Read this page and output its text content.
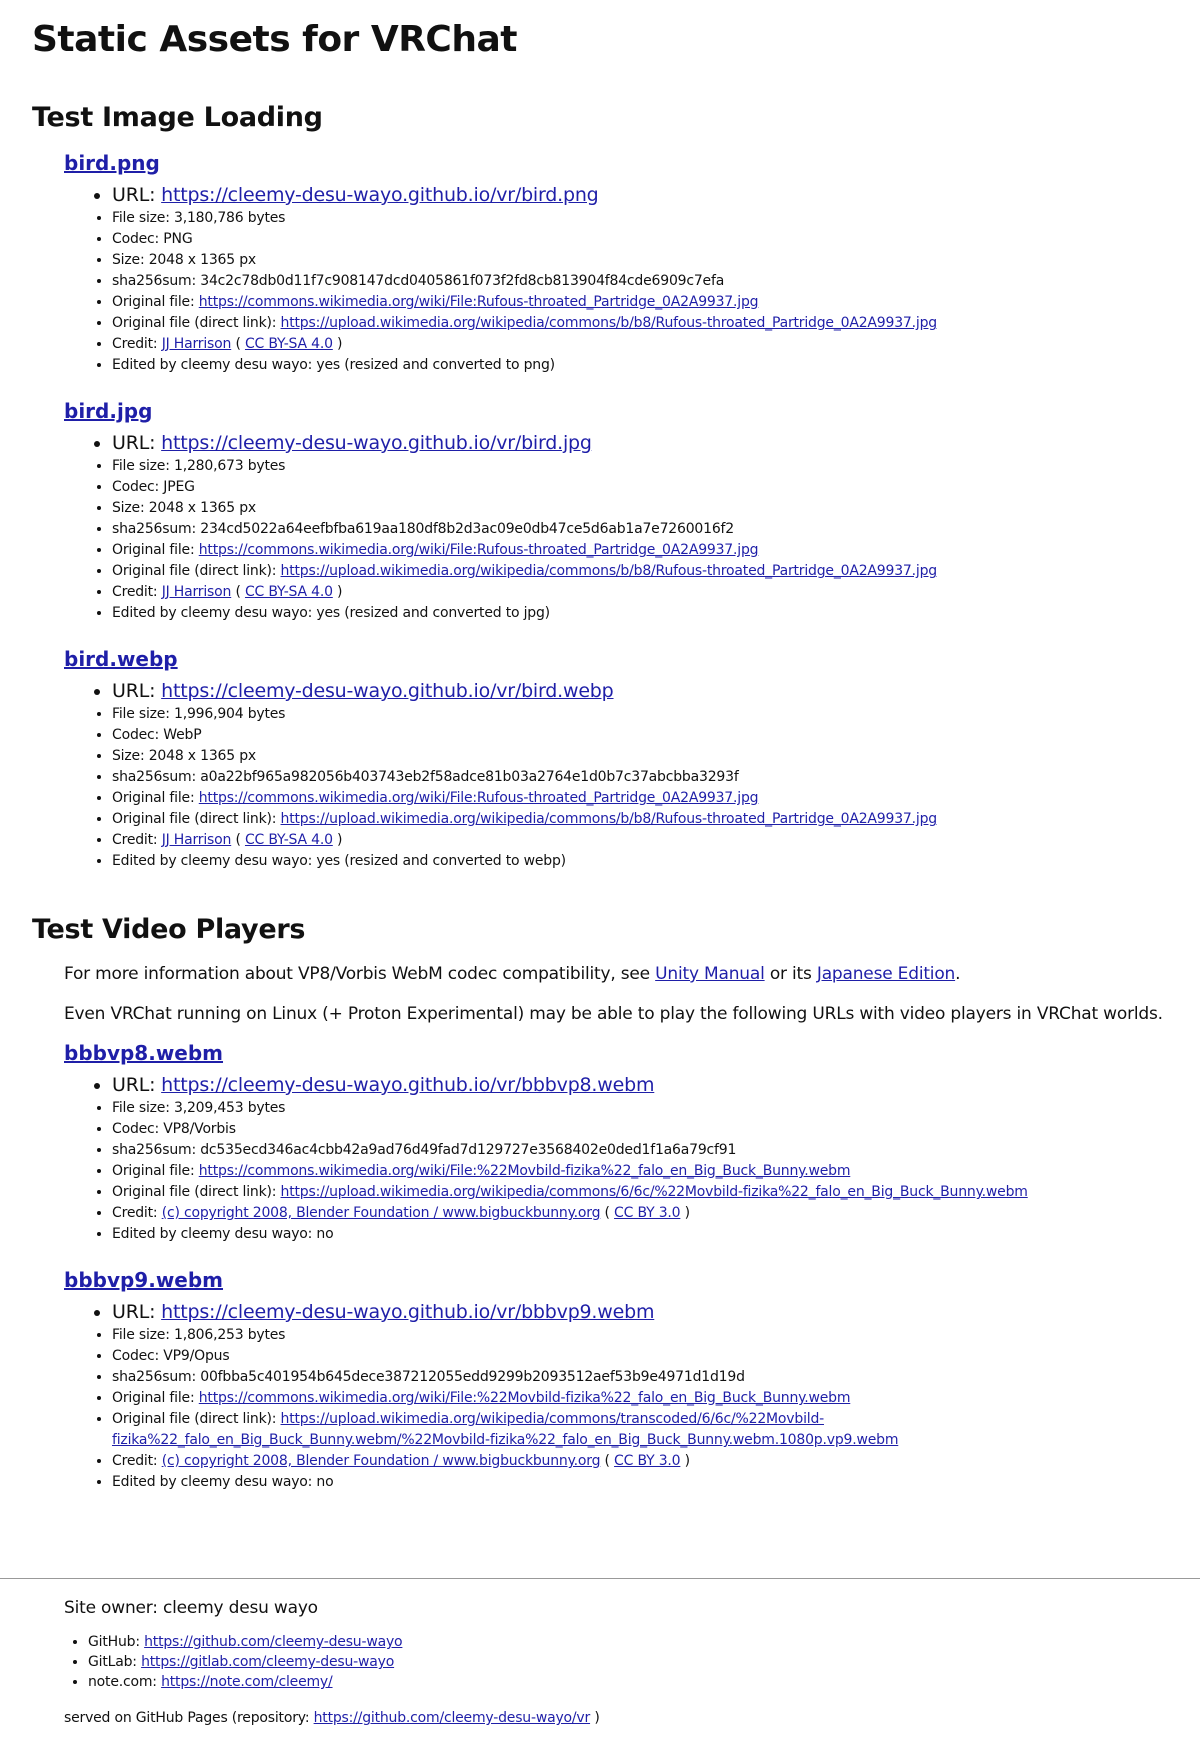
Static Assets for VRChat
Test Image Loading
bird.png
• URL: https://cleemy-desu-wayo.github.io/vr/bird.png
• File size: 3,180,786 bytes
• Codec: PNG
• Size: 2048 x 1365 px
• sha256sum: 34c2c78db0d11f7c908147dcd0405861f073f2fd8cb813904f84cde6909c7efa
• Original file: https://commons.wikimedia.org/wiki/File:Rufous-throated_Partridge_0A2A9937.jpg
• Original file (direct link): https://upload.wikimedia.org/wikipedia/commons/b/b8/Rufous-throated_Partridge_0A2A9937.jpg
• Credit: JJ Harrison ( CC BY-SA 4.0 )
• Edited by cleemy desu wayo: yes (resized and converted to png)
bird.jpg
• URL: https://cleemy-desu-wayo.github.io/vr/bird.jpg
• File size: 1,280,673 bytes
• Codec: JPEG
• Size: 2048 x 1365 px
• sha256sum: 234cd5022a64eefbfba619aa180df8b2d3ac09e0db47ce5d6ab1a7e7260016f2
• Original file: https://commons.wikimedia.org/wiki/File:Rufous-throated_Partridge_0A2A9937.jpg
• Original file (direct link): https://upload.wikimedia.org/wikipedia/commons/b/b8/Rufous-throated_Partridge_0A2A9937.jpg
• Credit: JJ Harrison ( CC BY-SA 4.0 )
• Edited by cleemy desu wayo: yes (resized and converted to jpg)
bird.webp
• URL: https://cleemy-desu-wayo.github.io/vr/bird.webp
• File size: 1,996,904 bytes
• Codec: WebP
• Size: 2048 x 1365 px
• sha256sum: a0a22bf965a982056b403743eb2f58adce81b03a2764e1d0b7c37abcbba3293f
• Original file: https://commons.wikimedia.org/wiki/File:Rufous-throated_Partridge_0A2A9937.jpg
• Original file (direct link): https://upload.wikimedia.org/wikipedia/commons/b/b8/Rufous-throated_Partridge_0A2A9937.jpg
• Credit: JJ Harrison ( CC BY-SA 4.0 )
• Edited by cleemy desu wayo: yes (resized and converted to webp)
Test Video Players

For more information about VP8/Vorbis WebM codec compatibility, see Unity Manual or its Japanese Edition.

Even VRChat running on Linux (+ Proton Experimental) may be able to play the following URLs with video players in VRChat worlds.

bbbvp8.webm
• URL: https://cleemy-desu-wayo.github.io/vr/bbbvp8.webm
• File size: 3,209,453 bytes
• Codec: VP8/Vorbis
• sha256sum: dc535ecd346ac4cbb42a9ad76d49fad7d129727e3568402e0ded1f1a6a79cf91
• Original file: https://commons.wikimedia.org/wiki/File:%22Movbild-fizika%22_falo_en_Big_Buck_Bunny.webm
• Original file (direct link): https://upload.wikimedia.org/wikipedia/commons/6/6c/%22Movbild-fizika%22_falo_en_Big_Buck_Bunny.webm
• Credit: (c) copyright 2008, Blender Foundation / www.bigbuckbunny.org ( CC BY 3.0 )
• Edited by cleemy desu wayo: no
bbbvp9.webm
• URL: https://cleemy-desu-wayo.github.io/vr/bbbvp9.webm
• File size: 1,806,253 bytes
• Codec: VP9/Opus
• sha256sum: 00fbba5c401954b645dece387212055edd9299b2093512aef53b9e4971d1d19d
• Original file: https://commons.wikimedia.org/wiki/File:%22Movbild-fizika%22_falo_en_Big_Buck_Bunny.webm
• Original file (direct link): https://upload.wikimedia.org/wikipedia/commons/transcoded/6/6c/%22Movbild-
fizika%22_falo_en_Big_Buck_Bunny.webm/%22Movbild-fizika%22_falo_en_Big_Buck_Bunny.webm.1080p.vp9.webm
• Credit: (c) copyright 2008, Blender Foundation / www.bigbuckbunny.org ( CC BY 3.0 )
• Edited by cleemy desu wayo: no

Site owner: cleemy desu wayo

• GitHub: https://github.com/cleemy-desu-wayo
• GitLab: https://gitlab.com/cleemy-desu-wayo
• note.com: https://note.com/cleemy/

served on GitHub Pages (repository: https://github.com/cleemy-desu-wayo/vr )
